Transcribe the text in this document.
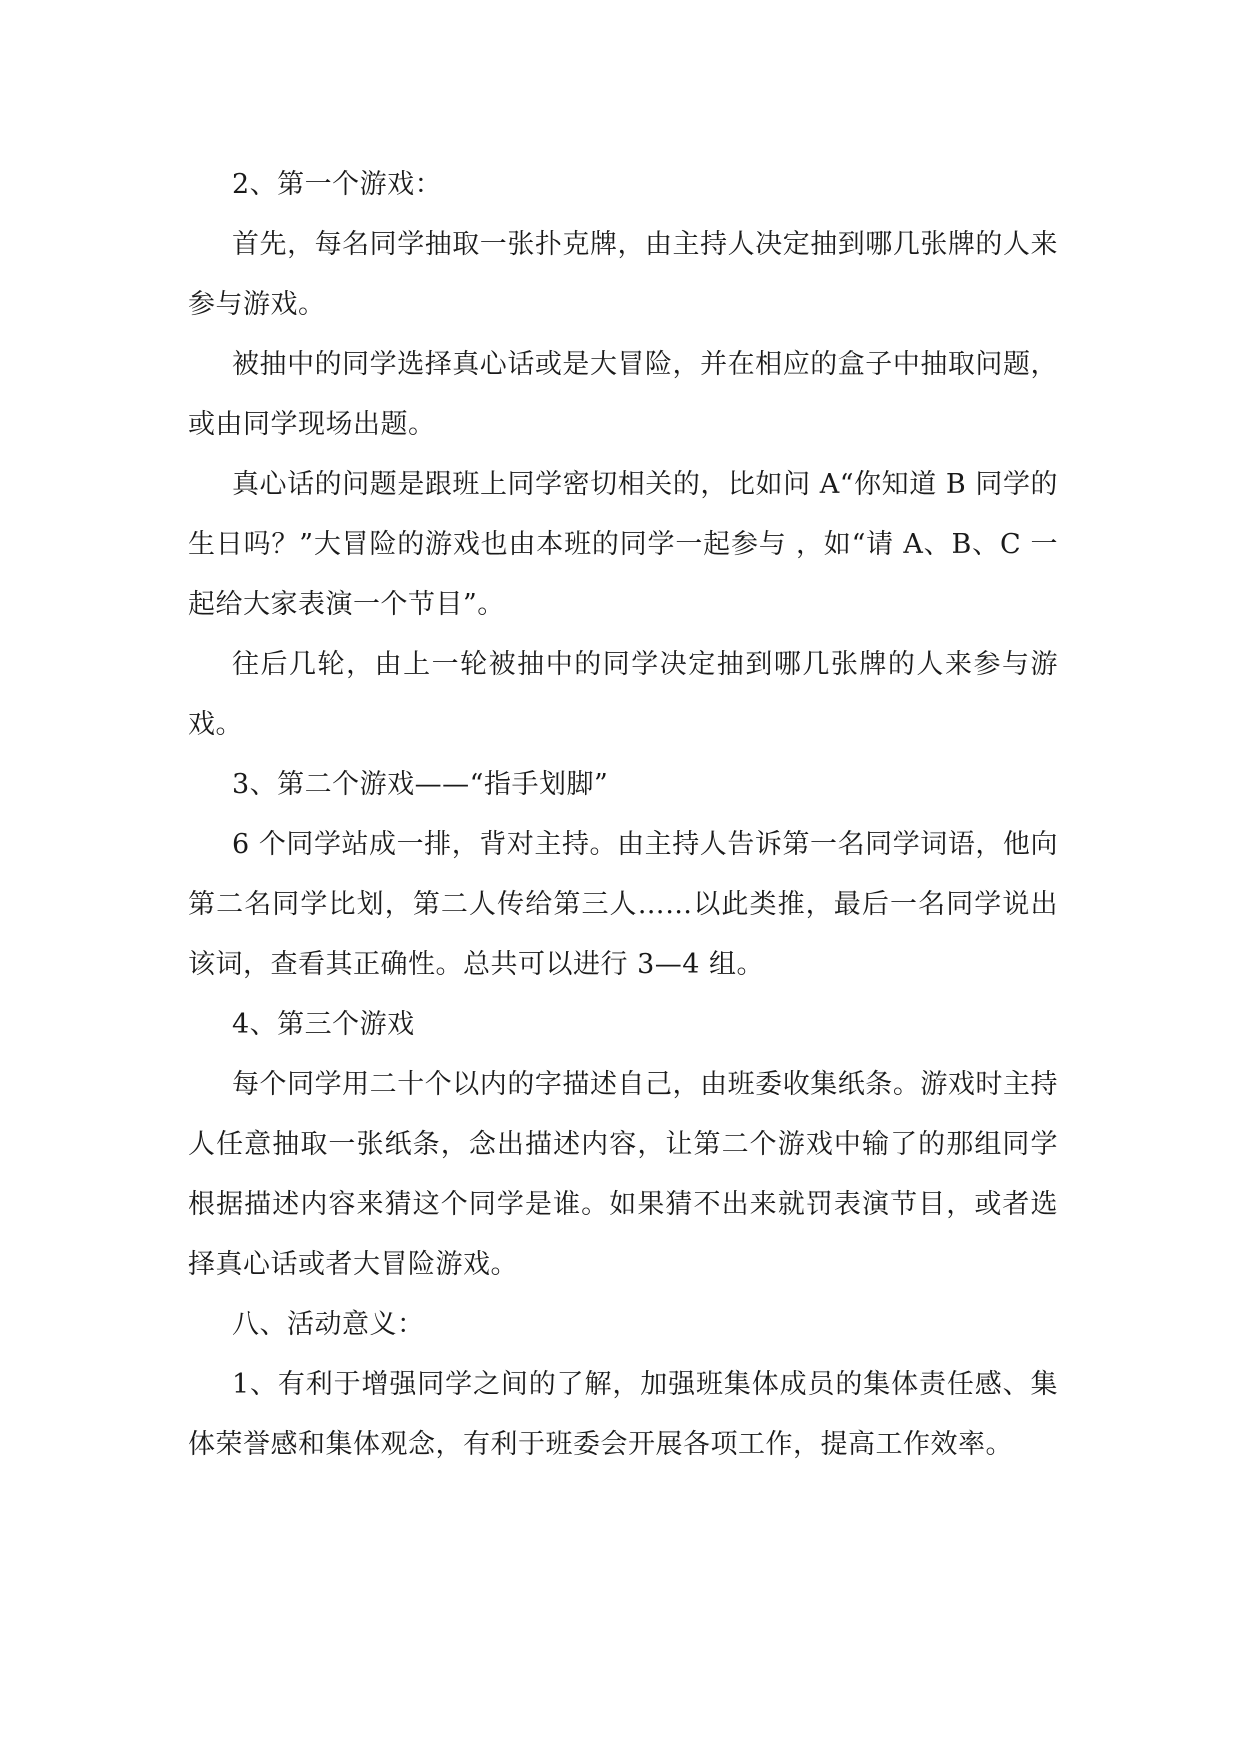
2、第一个游戏：

首先，每名同学抽取一张扑克牌，由主持人决定抽到哪几张牌的人来参与游戏。

被抽中的同学选择真心话或是大冒险，并在相应的盒子中抽取问题，或由同学现场出题。

真心话的问题是跟班上同学密切相关的，比如问 A“你知道 B 同学的生日吗？”大冒险的游戏也由本班的同学一起参与 ，如“请 A、B、C 一起给大家表演一个节目”。

往后几轮，由上一轮被抽中的同学决定抽到哪几张牌的人来参与游戏。

3、第二个游戏——“指手划脚”

6 个同学站成一排，背对主持。由主持人告诉第一名同学词语，他向第二名同学比划，第二人传给第三人……以此类推，最后一名同学说出该词，查看其正确性。总共可以进行 3—4 组。

4、第三个游戏

每个同学用二十个以内的字描述自己，由班委收集纸条。游戏时主持人任意抽取一张纸条，念出描述内容，让第二个游戏中输了的那组同学根据描述内容来猜这个同学是谁。如果猜不出来就罚表演节目，或者选择真心话或者大冒险游戏。

八、活动意义：

1、有利于增强同学之间的了解，加强班集体成员的集体责任感、集体荣誉感和集体观念，有利于班委会开展各项工作，提高工作效率。
